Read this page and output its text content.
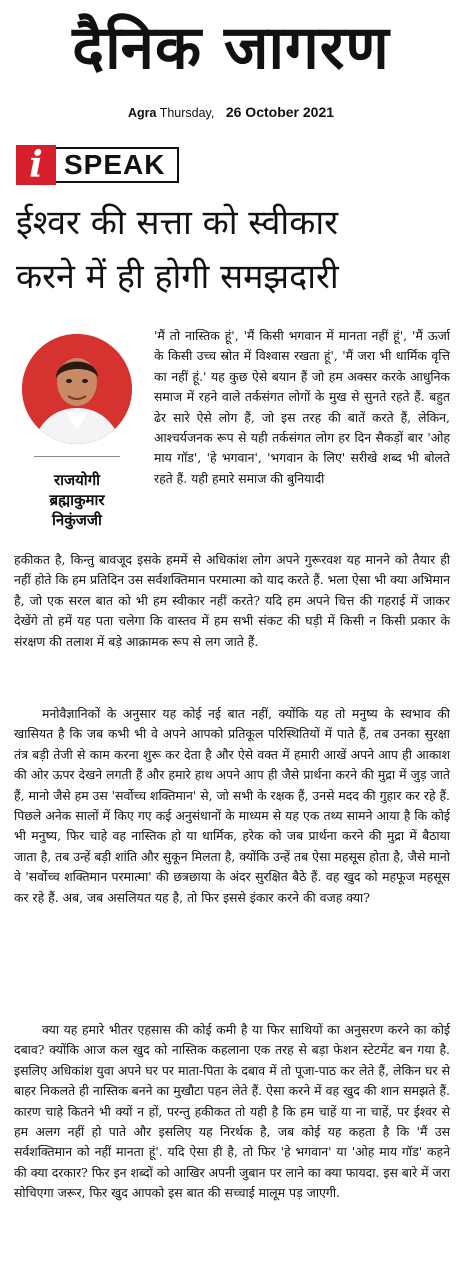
दैनिक जागरण
Agra Thursday, 26 October 2021
i SPEAK
ईश्वर की सत्ता को स्वीकार
करने में ही होगी समझदारी
राजयोगी
ब्रह्माकुमार
निकुंजजी
'मैं तो नास्तिक हूं', 'मैं किसी भगवान में मानता नहीं हूं', 'मैं ऊर्जा के किसी उच्च स्रोत में विश्वास रखता हूं', 'मैं जरा भी धार्मिक वृत्ति का नहीं हूं.' यह कुछ ऐसे बयान हैं जो हम अक्सर करके आधुनिक समाज में रहने वाले तर्कसंगत लोगों के मुख से सुनते रहते हैं. बहुत ढेर सारे ऐसे लोग हैं, जो इस तरह की बातें करते हैं, लेकिन, आश्चर्यजनक रूप से यही तर्कसंगत लोग हर दिन सैकड़ों बार 'ओह माय गॉड', 'हे भगवान', 'भगवान के लिए' सरीखे शब्द भी बोलते रहते हैं. यही हमारे समाज की बुनियादी
हकीकत है, किन्तु बावजूद इसके हममें से अधिकांश लोग अपने गुरूरवश यह मानने को तैयार ही नहीं होते कि हम प्रतिदिन उस सर्वशक्तिमान परमात्मा को याद करते हैं. भला ऐसा भी क्या अभिमान है, जो एक सरल बात को भी हम स्वीकार नहीं करते? यदि हम अपने चित्त की गहराई में जाकर देखेंगे तो हमें यह पता चलेगा कि वास्तव में हम सभी संकट की घड़ी में किसी न किसी प्रकार के संरक्षण की तलाश में बड़े आक्रामक रूप से लग जाते हैं.
मनोवैज्ञानिकों के अनुसार यह कोई नई बात नहीं, क्योंकि यह तो मनुष्य के स्वभाव की खासियत है कि जब कभी भी वे अपने आपको प्रतिकूल परिस्थितियों में पाते हैं, तब उनका सुरक्षा तंत्र बड़ी तेजी से काम करना शुरू कर देता है और ऐसे वक्त में हमारी आखें अपने आप ही आकाश की ओर ऊपर देखने लगती हैं और हमारे हाथ अपने आप ही जैसे प्रार्थना करने की मुद्रा में जुड़ जाते हैं, मानो जैसे हम उस 'सर्वोच्च शक्तिमान' से, जो सभी के रक्षक हैं, उनसे मदद की गुहार कर रहे हैं. पिछले अनेक सालों में किए गए कई अनुसंधानों के माध्यम से यह एक तथ्य सामने आया है कि कोई भी मनुष्य, फिर चाहे वह नास्तिक हो या धार्मिक, हरेक को जब प्रार्थना करने की मुद्रा में बैठाया जाता है, तब उन्हें बड़ी शांति और सुकून मिलता है, क्योंकि उन्हें तब ऐसा महसूस होता है, जैसे मानो वे 'सर्वोच्च शक्तिमान परमात्मा' की छत्रछाया के अंदर सुरक्षित बैठे हैं. वह खुद को महफूज महसूस कर रहे हैं. अब, जब असलियत यह है, तो फिर इससे इंकार करने की वजह क्या?
क्या यह हमारे भीतर एहसास की कोई कमी है या फिर साथियों का अनुसरण करने का कोई दबाव? क्योंकि आज कल खुद को नास्तिक कहलाना एक तरह से बड़ा फेशन स्टेटमेंट बन गया है. इसलिए अधिकांश युवा अपने घर पर माता-पिता के दबाव में तो पूजा-पाठ कर लेते हैं, लेकिन घर से बाहर निकलते ही नास्तिक बनने का मुखौटा पहन लेते हैं. ऐसा करने में वह खुद की शान समझते हैं. कारण चाहे कितने भी क्यों न हों, परन्तु हकीकत तो यही है कि हम चाहें या ना चाहें, पर ईश्वर से हम अलग नहीं हो पाते और इसलिए यह निरर्थक है, जब कोई यह कहता है कि 'मैं उस सर्वशक्तिमान को नहीं मानता हूं'. यदि ऐसा ही है, तो फिर 'हे भगवान' या 'ओह माय गॉड' कहने की क्या दरकार? फिर इन शब्दों को आखिर अपनी जुबान पर लाने का क्या फायदा. इस बारे में जरा सोचिएगा जरूर, फिर खुद आपको इस बात की सच्चाई मालूम पड़ जाएगी.
